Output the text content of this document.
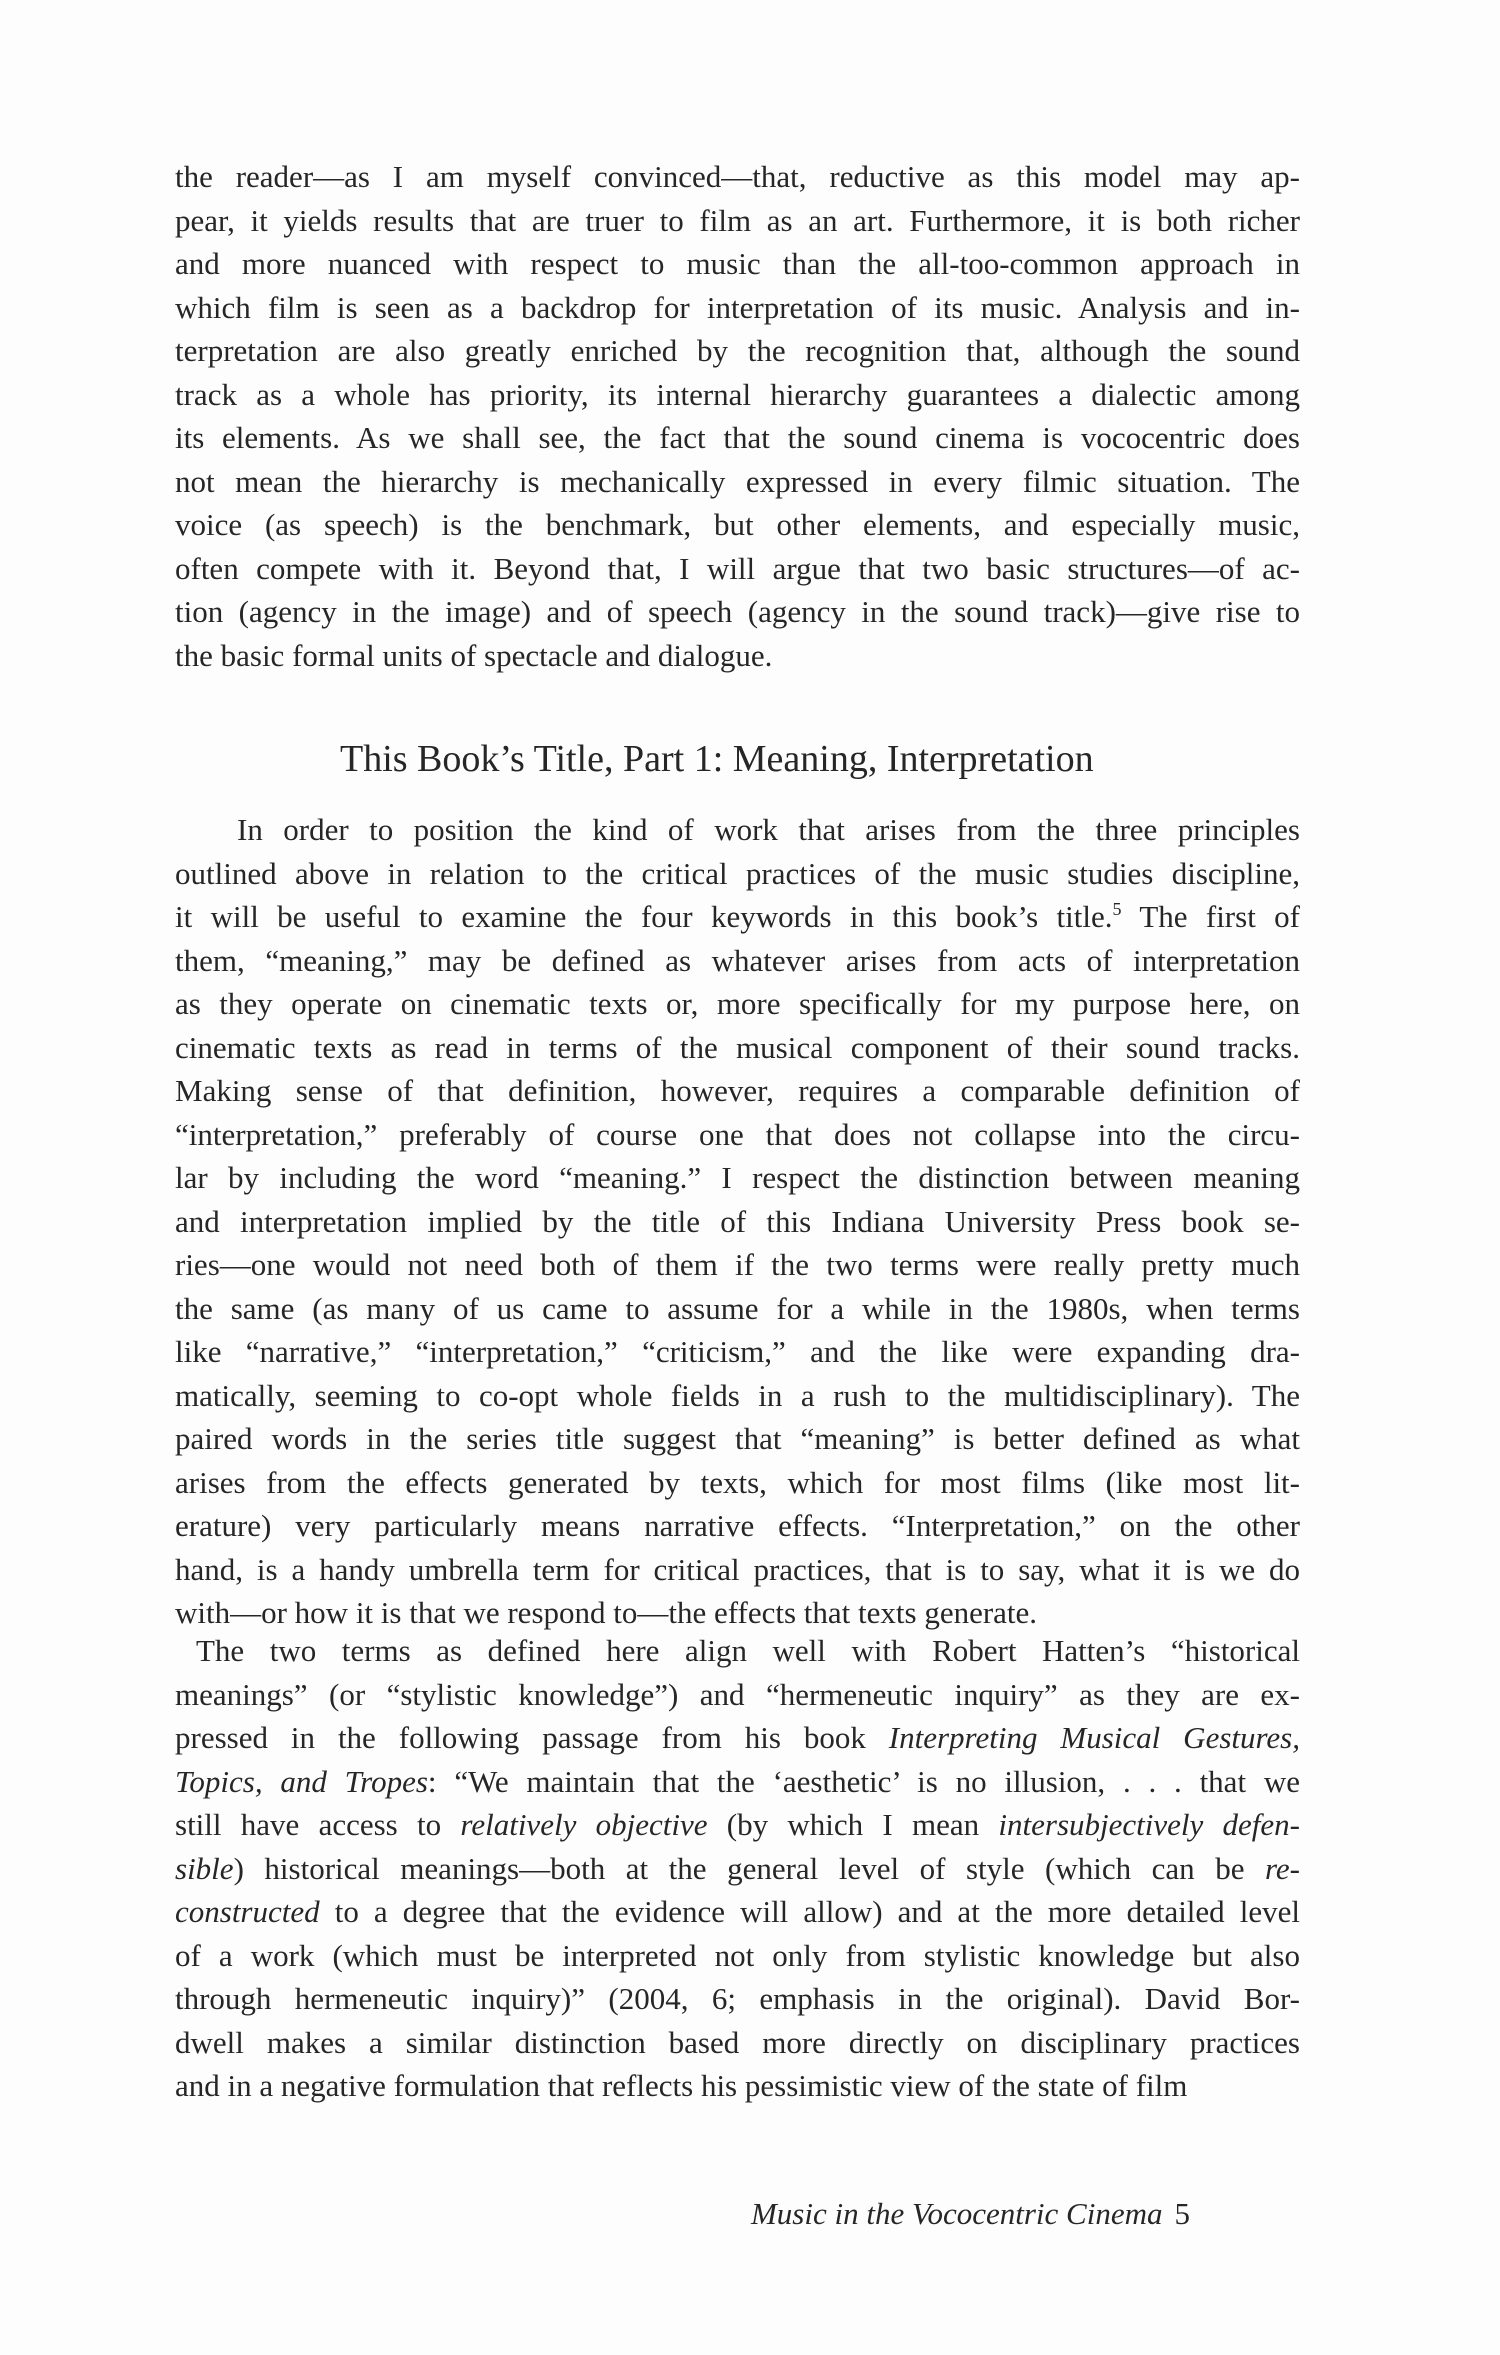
the reader—as I am myself convinced—that, reductive as this model may ap-
pear, it yields results that are truer to film as an art. Furthermore, it is both richer
and more nuanced with respect to music than the all-too-common approach in
which film is seen as a backdrop for interpretation of its music. Analysis and in-
terpretation are also greatly enriched by the recognition that, although the sound
track as a whole has priority, its internal hierarchy guarantees a dialectic among
its elements. As we shall see, the fact that the sound cinema is vococentric does
not mean the hierarchy is mechanically expressed in every filmic situation. The
voice (as speech) is the benchmark, but other elements, and especially music,
often compete with it. Beyond that, I will argue that two basic structures—of ac-
tion (agency in the image) and of speech (agency in the sound track)—give rise to
the basic formal units of spectacle and dialogue.
This Book’s Title, Part 1: Meaning, Interpretation
In order to position the kind of work that arises from the three principles
outlined above in relation to the critical practices of the music studies discipline,
it will be useful to examine the four keywords in this book’s title.$^5$ The first of
them, “meaning,” may be defined as whatever arises from acts of interpretation
as they operate on cinematic texts or, more specifically for my purpose here, on
cinematic texts as read in terms of the musical component of their sound tracks.
Making sense of that definition, however, requires a comparable definition of
“interpretation,” preferably of course one that does not collapse into the circu-
lar by including the word “meaning.” I respect the distinction between meaning
and interpretation implied by the title of this Indiana University Press book se-
ries—one would not need both of them if the two terms were really pretty much
the same (as many of us came to assume for a while in the 1980s, when terms
like “narrative,” “interpretation,” “criticism,” and the like were expanding dra-
matically, seeming to co-opt whole fields in a rush to the multidisciplinary). The
paired words in the series title suggest that “meaning” is better defined as what
arises from the effects generated by texts, which for most films (like most lit-
erature) very particularly means narrative effects. “Interpretation,” on the other
hand, is a handy umbrella term for critical practices, that is to say, what it is we do
with—or how it is that we respond to—the effects that texts generate.
The two terms as defined here align well with Robert Hatten’s “historical
meanings” (or “stylistic knowledge”) and “hermeneutic inquiry” as they are ex-
pressed in the following passage from his book Interpreting Musical Gestures,
Topics, and Tropes: “We maintain that the ‘aesthetic’ is no illusion, . . . that we
still have access to relatively objective (by which I mean intersubjectively defen-
sible) historical meanings—both at the general level of style (which can be re-
constructed to a degree that the evidence will allow) and at the more detailed level
of a work (which must be interpreted not only from stylistic knowledge but also
through hermeneutic inquiry)” (2004, 6; emphasis in the original). David Bor-
dwell makes a similar distinction based more directly on disciplinary practices
and in a negative formulation that reflects his pessimistic view of the state of film
Music in the Vococentric Cinema 5
